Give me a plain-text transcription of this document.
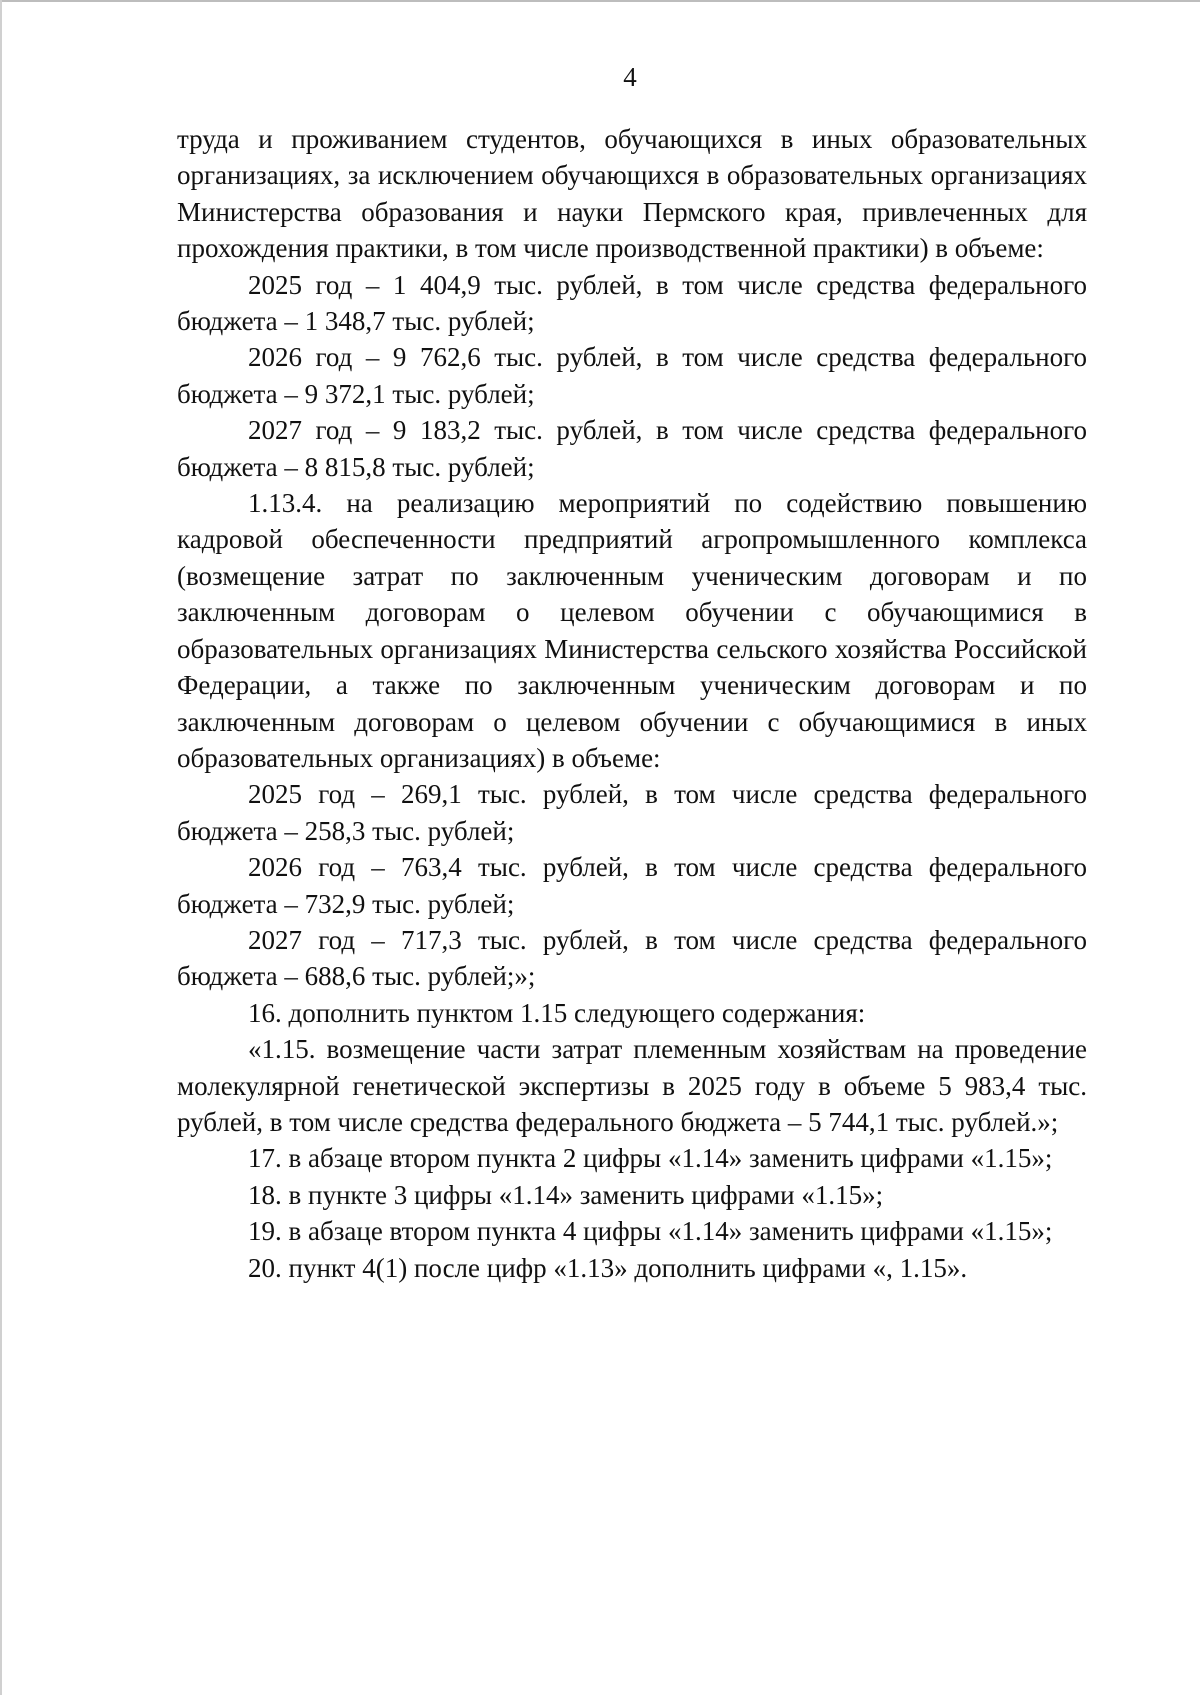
4

труда и проживанием студентов, обучающихся в иных образовательных организациях, за исключением обучающихся в образовательных организациях Министерства образования и науки Пермского края, привлеченных для прохождения практики, в том числе производственной практики) в объеме:

2025 год – 1 404,9 тыс. рублей, в том числе средства федерального бюджета – 1 348,7 тыс. рублей;

2026 год – 9 762,6 тыс. рублей, в том числе средства федерального бюджета – 9 372,1 тыс. рублей;

2027 год – 9 183,2 тыс. рублей, в том числе средства федерального бюджета – 8 815,8 тыс. рублей;

1.13.4. на реализацию мероприятий по содействию повышению кадровой обеспеченности предприятий агропромышленного комплекса (возмещение затрат по заключенным ученическим договорам и по заключенным договорам о целевом обучении с обучающимися в образовательных организациях Министерства сельского хозяйства Российской Федерации, а также по заключенным ученическим договорам и по заключенным договорам о целевом обучении с обучающимися в иных образовательных организациях) в объеме:

2025 год – 269,1 тыс. рублей, в том числе средства федерального бюджета – 258,3 тыс. рублей;

2026 год – 763,4 тыс. рублей, в том числе средства федерального бюджета – 732,9 тыс. рублей;

2027 год – 717,3 тыс. рублей, в том числе средства федерального бюджета – 688,6 тыс. рублей;»;

16. дополнить пунктом 1.15 следующего содержания:

«1.15. возмещение части затрат племенным хозяйствам на проведение молекулярной генетической экспертизы в 2025 году в объеме 5 983,4 тыс. рублей, в том числе средства федерального бюджета – 5 744,1 тыс. рублей.»;

17. в абзаце втором пункта 2 цифры «1.14» заменить цифрами «1.15»;

18. в пункте 3 цифры «1.14» заменить цифрами «1.15»;

19. в абзаце втором пункта 4 цифры «1.14» заменить цифрами «1.15»;

20. пункт 4(1) после цифр «1.13» дополнить цифрами «, 1.15».
